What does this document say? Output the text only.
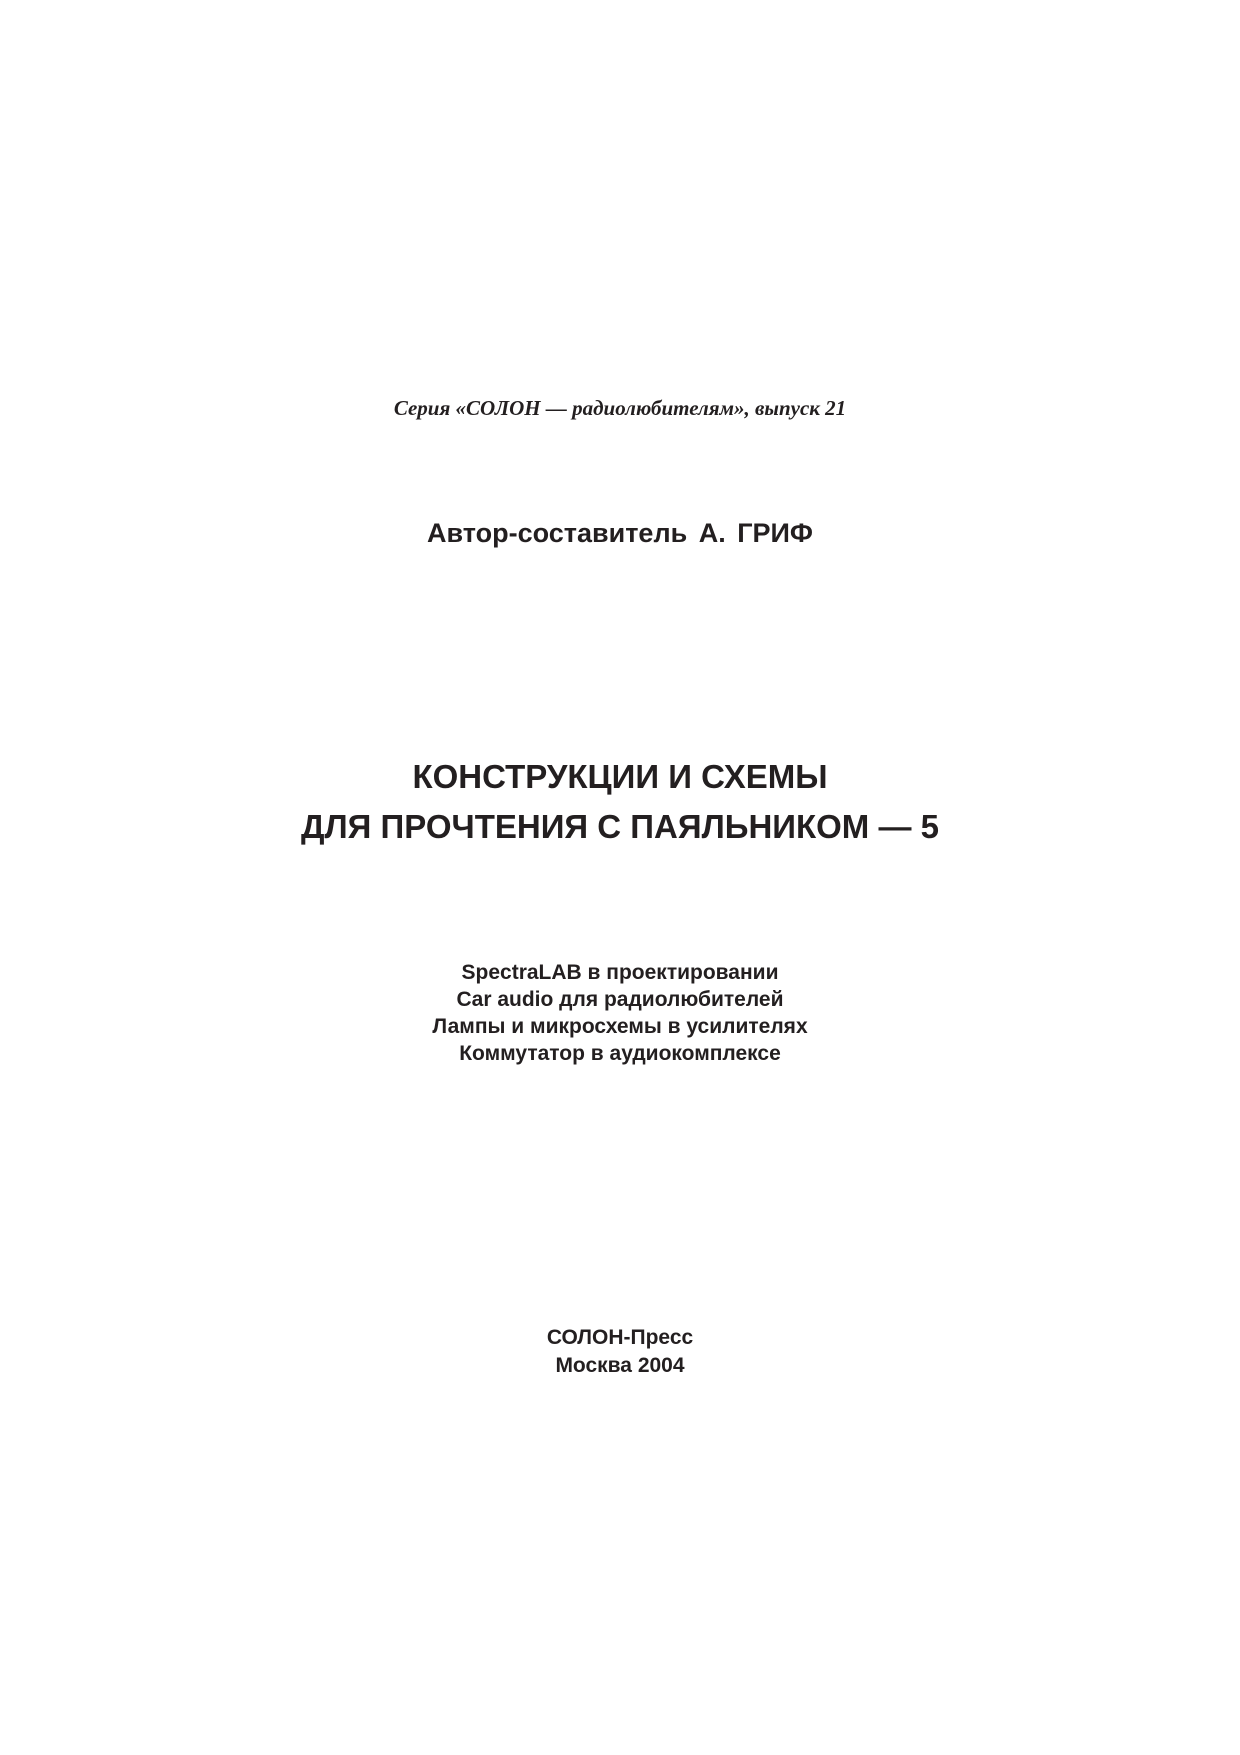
Серия «СОЛОН — радиолюбителям», выпуск 21
Автор-составитель А. ГРИФ
КОНСТРУКЦИИ И СХЕМЫ
ДЛЯ ПРОЧТЕНИЯ С ПАЯЛЬНИКОМ — 5
SpectraLAB в проектировании
Car audio для радиолюбителей
Лампы и микросхемы в усилителях
Коммутатор в аудиокомплексе
СОЛОН-Пресс
Москва 2004
